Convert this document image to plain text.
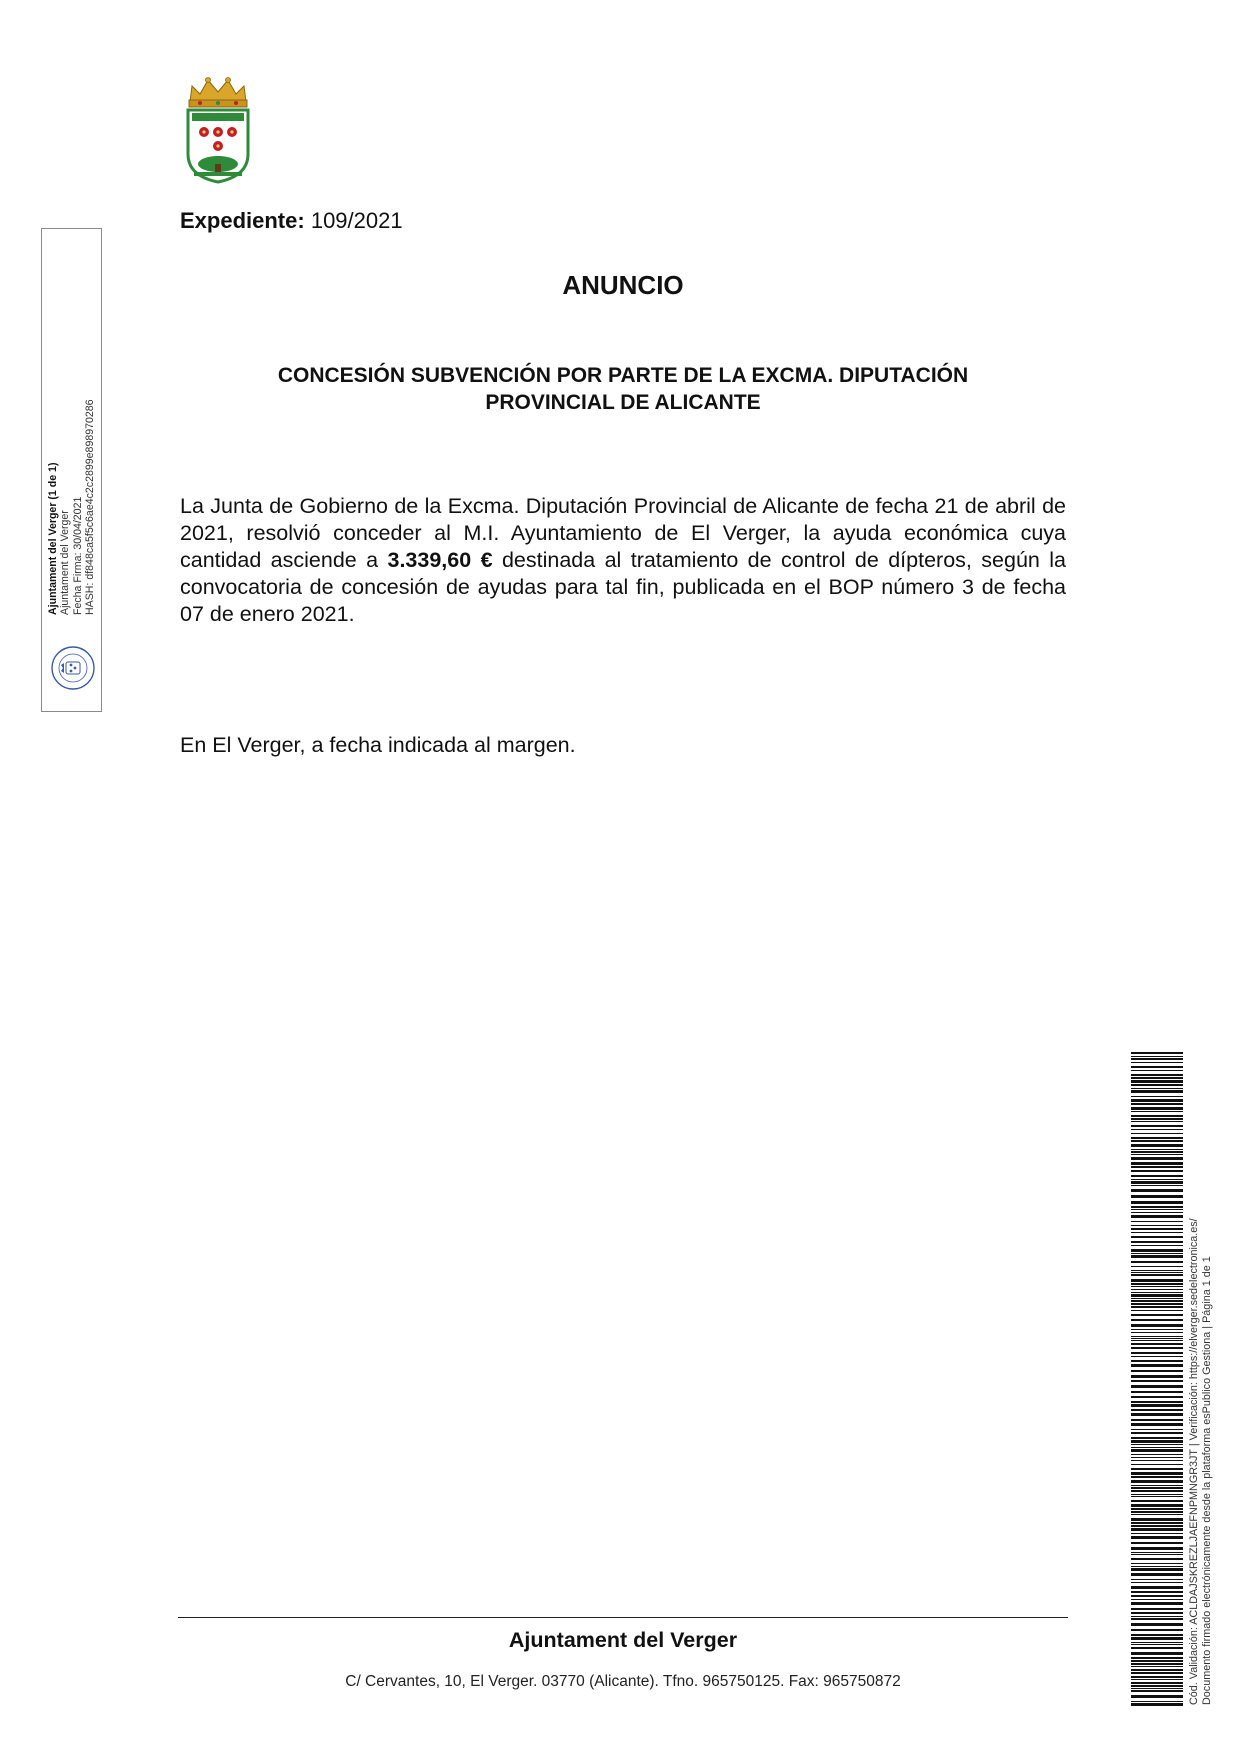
Expediente: 109/2021
Ajuntament del Verger (1 de 1) Ajuntament del Verger Fecha Firma: 30/04/2021 HASH: df848ca5f5c6ae4c2c2899e898970286
ANUNCIO
CONCESIÓN SUBVENCIÓN POR PARTE DE LA EXCMA. DIPUTACIÓN
PROVINCIAL DE ALICANTE

La Junta de Gobierno de la Excma. Diputación Provincial de Alicante de fecha 21 de abril de 2021, resolvió conceder al M.I. Ayuntamiento de El Verger, la ayuda económica cuya cantidad asciende a 3.339,60 € destinada al tratamiento de control de dípteros, según la convocatoria de concesión de ayudas para tal fin, publicada en el BOP número 3 de fecha 07 de enero 2021.

En El Verger, a fecha indicada al margen.

Cód. Validación: ACLDAJSKREZLJAEFNPMNGR3JT | Verificación: https://elverger.sedelectronica.es/ Documento firmado electrónicamente desde la plataforma esPublico Gestiona | Página 1 de 1
Ajuntament del Verger
C/ Cervantes, 10, El Verger. 03770 (Alicante). Tfno. 965750125. Fax: 965750872
